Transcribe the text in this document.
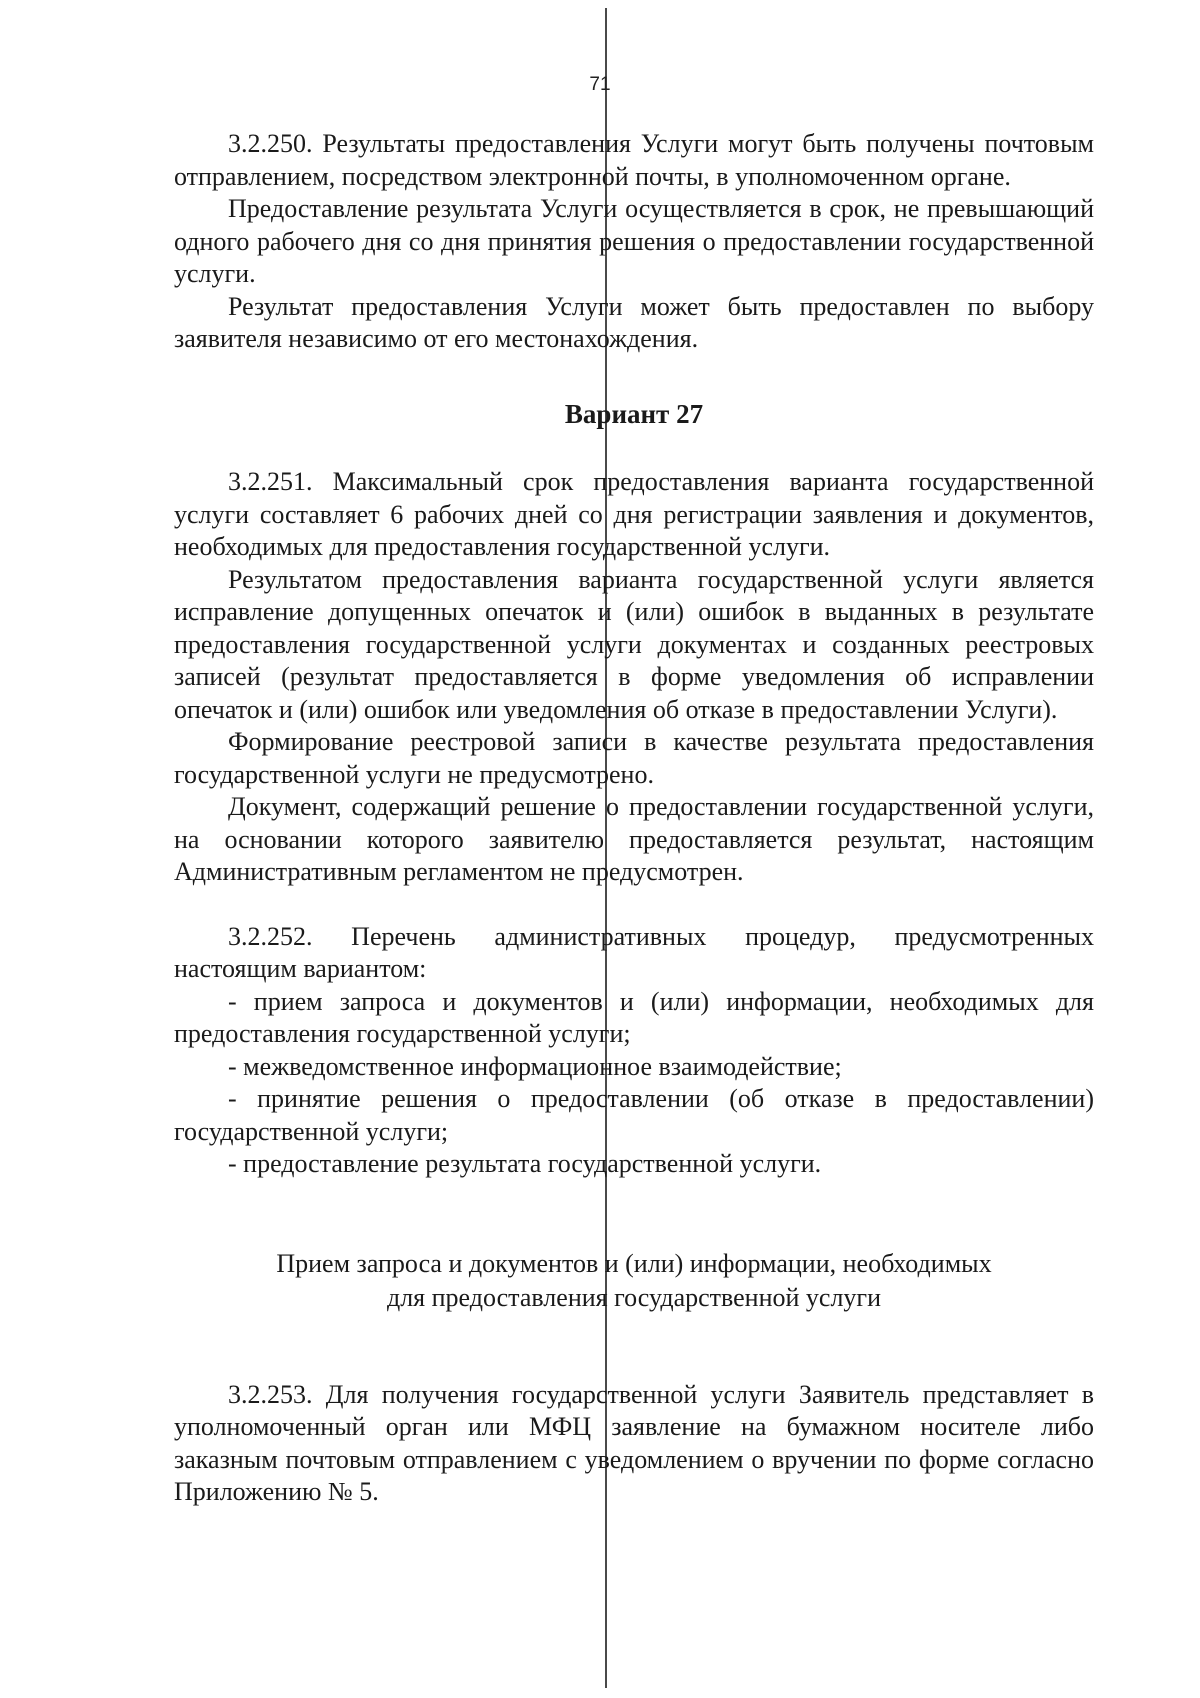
71

3.2.250. Результаты предоставления Услуги могут быть получены почтовым отправлением, посредством электронной почты, в уполномоченном органе.

Предоставление результата Услуги осуществляется в срок, не превышающий одного рабочего дня со дня принятия решения о предоставлении государственной услуги.

Результат предоставления Услуги может быть предоставлен по выбору заявителя независимо от его местонахождения.

Вариант 27

3.2.251. Максимальный срок предоставления варианта государственной услуги составляет 6 рабочих дней со дня регистрации заявления и документов, необходимых для предоставления государственной услуги.

Результатом предоставления варианта государственной услуги является исправление допущенных опечаток и (или) ошибок в выданных в результате предоставления государственной услуги документах и созданных реестровых записей (результат предоставляется в форме уведомления об исправлении опечаток и (или) ошибок или уведомления об отказе в предоставлении Услуги).

Формирование реестровой записи в качестве результата предоставления государственной услуги не предусмотрено.

Документ, содержащий решение о предоставлении государственной услуги, на основании которого заявителю предоставляется результат, настоящим Административным регламентом не предусмотрен.

3.2.252. Перечень административных процедур, предусмотренных настоящим вариантом:

- прием запроса и документов и (или) информации, необходимых для предоставления государственной услуги;

- межведомственное информационное взаимодействие;

- принятие решения о предоставлении (об отказе в предоставлении) государственной услуги;

- предоставление результата государственной услуги.

Прием запроса и документов и (или) информации, необходимых
для предоставления государственной услуги

3.2.253. Для получения государственной услуги Заявитель представляет в уполномоченный орган или МФЦ заявление на бумажном носителе либо заказным почтовым отправлением с уведомлением о вручении по форме согласно Приложению № 5.
